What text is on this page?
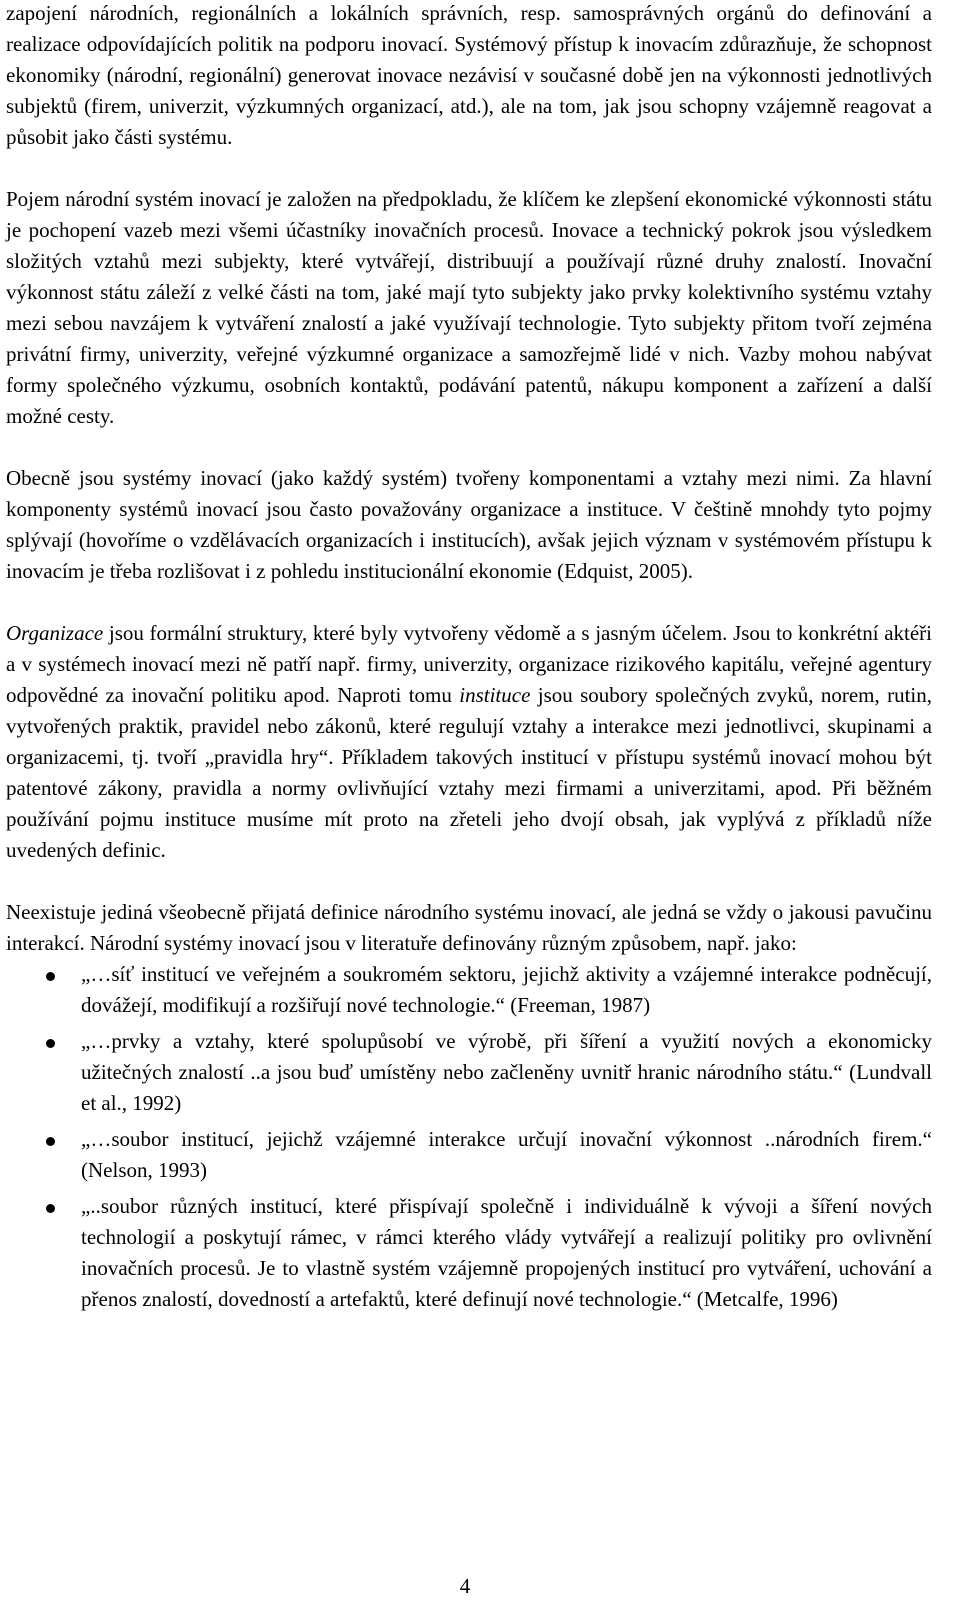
zapojení národních, regionálních a lokálních správních, resp. samosprávných orgánů do definování a realizace odpovídajících politik na podporu inovací. Systémový přístup k inovacím zdůrazňuje, že schopnost ekonomiky (národní, regionální) generovat inovace nezávisí v současné době jen na výkonnosti jednotlivých subjektů (firem, univerzit, výzkumných organizací, atd.), ale na tom, jak jsou schopny vzájemně reagovat a působit jako části systému.

Pojem národní systém inovací je založen na předpokladu, že klíčem ke zlepšení ekonomické výkonnosti státu je pochopení vazeb mezi všemi účastníky inovačních procesů. Inovace a technický pokrok jsou výsledkem složitých vztahů mezi subjekty, které vytvářejí, distribuují a používají různé druhy znalostí. Inovační výkonnost státu záleží z velké části na tom, jaké mají tyto subjekty jako prvky kolektivního systému vztahy mezi sebou navzájem k vytváření znalostí a jaké využívají technologie. Tyto subjekty přitom tvoří zejména privátní firmy, univerzity, veřejné výzkumné organizace a samozřejmě lidé v nich. Vazby mohou nabývat formy společného výzkumu, osobních kontaktů, podávání patentů, nákupu komponent a zařízení a další možné cesty.

Obecně jsou systémy inovací (jako každý systém) tvořeny komponentami a vztahy mezi nimi. Za hlavní komponenty systémů inovací jsou často považovány organizace a instituce. V češtině mnohdy tyto pojmy splývají (hovoříme o vzdělávacích organizacích i institucích), avšak jejich význam v systémovém přístupu k inovacím je třeba rozlišovat i z pohledu institucionální ekonomie (Edquist, 2005).

Organizace jsou formální struktury, které byly vytvořeny vědomě a s jasným účelem. Jsou to konkrétní aktéři a v systémech inovací mezi ně patří např. firmy, univerzity, organizace rizikového kapitálu, veřejné agentury odpovědné za inovační politiku apod. Naproti tomu instituce jsou soubory společných zvyků, norem, rutin, vytvořených praktik, pravidel nebo zákonů, které regulují vztahy a interakce mezi jednotlivci, skupinami a organizacemi, tj. tvoří „pravidla hry“. Příkladem takových institucí v přístupu systémů inovací mohou být patentové zákony, pravidla a normy ovlivňující vztahy mezi firmami a univerzitami, apod. Při běžném používání pojmu instituce musíme mít proto na zřeteli jeho dvojí obsah, jak vyplývá z příkladů níže uvedených definic.

Neexistuje jediná všeobecně přijatá definice národního systému inovací, ale jedná se vždy o jakousi pavučinu interakcí. Národní systémy inovací jsou v literatuře definovány různým způsobem, např. jako:

„…síť institucí ve veřejném a soukromém sektoru, jejichž aktivity a vzájemné interakce podněcují, dovážejí, modifikují a rozšiřují nové technologie.“ (Freeman, 1987)
„…prvky a vztahy, které spolupůsobí ve výrobě, při šíření a využití nových a ekonomicky užitečných znalostí ..a jsou buď umístěny nebo začleněny uvnitř hranic národního státu.“ (Lundvall et al., 1992)
„…soubor institucí, jejichž vzájemné interakce určují inovační výkonnost ..národních firem.“ (Nelson, 1993)
„..soubor různých institucí, které přispívají společně i individuálně k vývoji a šíření nových technologií a poskytují rámec, v rámci kterého vlády vytvářejí a realizují politiky pro ovlivnění inovačních procesů. Je to vlastně systém vzájemně propojených institucí pro vytváření, uchování a přenos znalostí, dovedností a artefaktů, které definují nové technologie.“ (Metcalfe, 1996)
4
